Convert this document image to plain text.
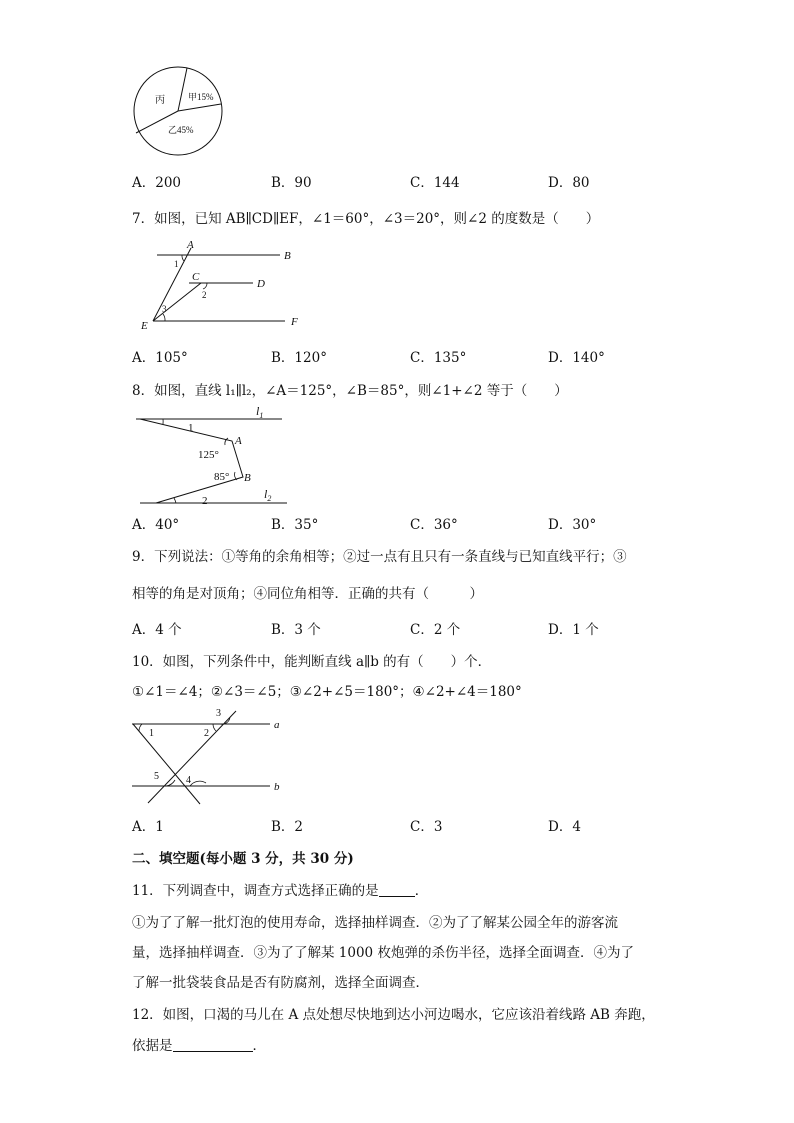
丙	甲15%
乙45%
A．200	B．90	C．144	D．80
7．如图，已知 AB∥CD∥EF，∠1＝60°，∠3＝20°，则∠2 的度数是（　　）
A
B
C
D
E	F
1
2
3
A．105°	B．120°	C．135°	D．140°
8．如图，直线 l₁∥l₂，∠A＝125°，∠B＝85°，则∠1+∠2 等于（　　）
$l_1$
$l_2$
1
2
A
B
125°
85°
A．40°	B．35°	C．36°	D．30°
9．下列说法：①等角的余角相等；②过一点有且只有一条直线与已知直线平行；③
相等的角是对顶角；④同位角相等．正确的共有（　　　）
A．4 个	B．3 个	C．2 个	D．1 个
10．如图，下列条件中，能判断直线 a∥b 的有（　　）个．
①∠1＝∠4；②∠3＝∠5；③∠2+∠5＝180°；④∠2+∠4＝180°
a
b
1	2
3
4
5
A．1	B．2	C．3	D．4
二、填空题(每小题 3 分，共 30 分)
11．下列调查中，调查方式选择正确的是	．
①为了了解一批灯泡的使用寿命，选择抽样调查．②为了了解某公园全年的游客流
量，选择抽样调查．③为了了解某 1000 枚炮弹的杀伤半径，选择全面调查．④为了
了解一批袋装食品是否有防腐剂，选择全面调查．
12．如图，口渴的马儿在 A 点处想尽快地到达小河边喝水，它应该沿着线路 AB 奔跑，
依据是	．
